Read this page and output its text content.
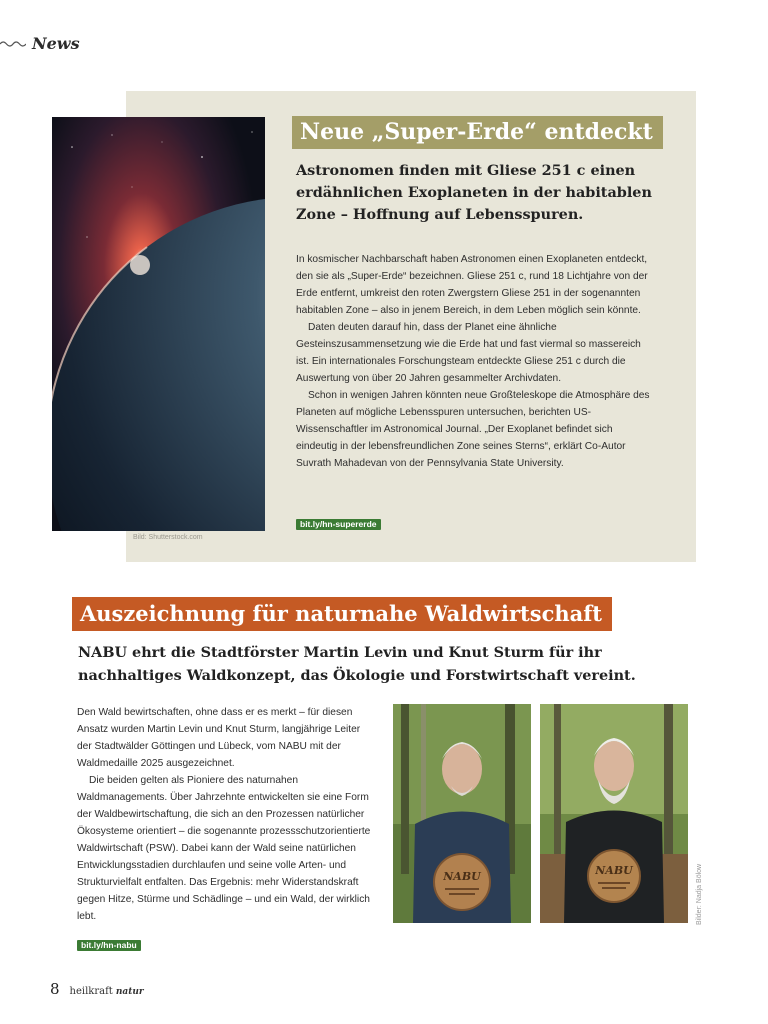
News
Bild: Shutterstock.com
Neue „Super-Erde“ entdeckt

Astronomen finden mit Gliese 251 c einen erdähnlichen Exoplaneten in der habitablen Zone – Hoffnung auf Lebensspuren.

In kosmischer Nachbarschaft haben Astronomen einen Exoplaneten entdeckt, den sie als „Super-Erde“ bezeichnen. Gliese 251 c, rund 18 Lichtjahre von der Erde entfernt, umkreist den roten Zwergstern Gliese 251 in der sogenannten habitablen Zone – also in jenem Bereich, in dem Leben möglich sein könnte.

Daten deuten darauf hin, dass der Planet eine ähnliche Gesteinszusammensetzung wie die Erde hat und fast viermal so massereich ist. Ein internationales Forschungsteam entdeckte Gliese 251 c durch die Auswertung von über 20 Jahren gesammelter Archivdaten.

Schon in wenigen Jahren könnten neue Großteleskope die Atmosphäre des Planeten auf mögliche Lebensspuren untersuchen, berichten US-Wissenschaftler im Astronomical Journal. „Der Exoplanet befindet sich eindeutig in der lebensfreundlichen Zone seines Sterns“, erklärt Co-Autor Suvrath Mahadevan von der Pennsylvania State University.

bit.ly/hn-supererde
Auszeichnung für naturnahe Waldwirtschaft

NABU ehrt die Stadtförster Martin Levin und Knut Sturm für ihr nachhaltiges Waldkonzept, das Ökologie und Forstwirtschaft vereint.

Den Wald bewirtschaften, ohne dass er es merkt – für diesen Ansatz wurden Martin Levin und Knut Sturm, langjährige Leiter der Stadtwälder Göttingen und Lübeck, vom NABU mit der Waldmedaille 2025 ausgezeichnet.

Die beiden gelten als Pioniere des naturnahen Waldmanagements. Über Jahrzehnte entwickelten sie eine Form der Waldbewirtschaftung, die sich an den Prozessen natürlicher Ökosysteme orientiert – die sogenannte prozessschutzorientierte Waldwirtschaft (PSW). Dabei kann der Wald seine natürlichen Entwicklungsstadien durchlaufen und seine volle Arten- und Strukturvielfalt entfalten. Das Ergebnis: mehr Widerstandskraft gegen Hitze, Stürme und Schädlinge – und ein Wald, der wirklich lebt.

bit.ly/hn-nabu
NABU	NABU	Bilder: Nadja Bölow
8 heilkraft natur
